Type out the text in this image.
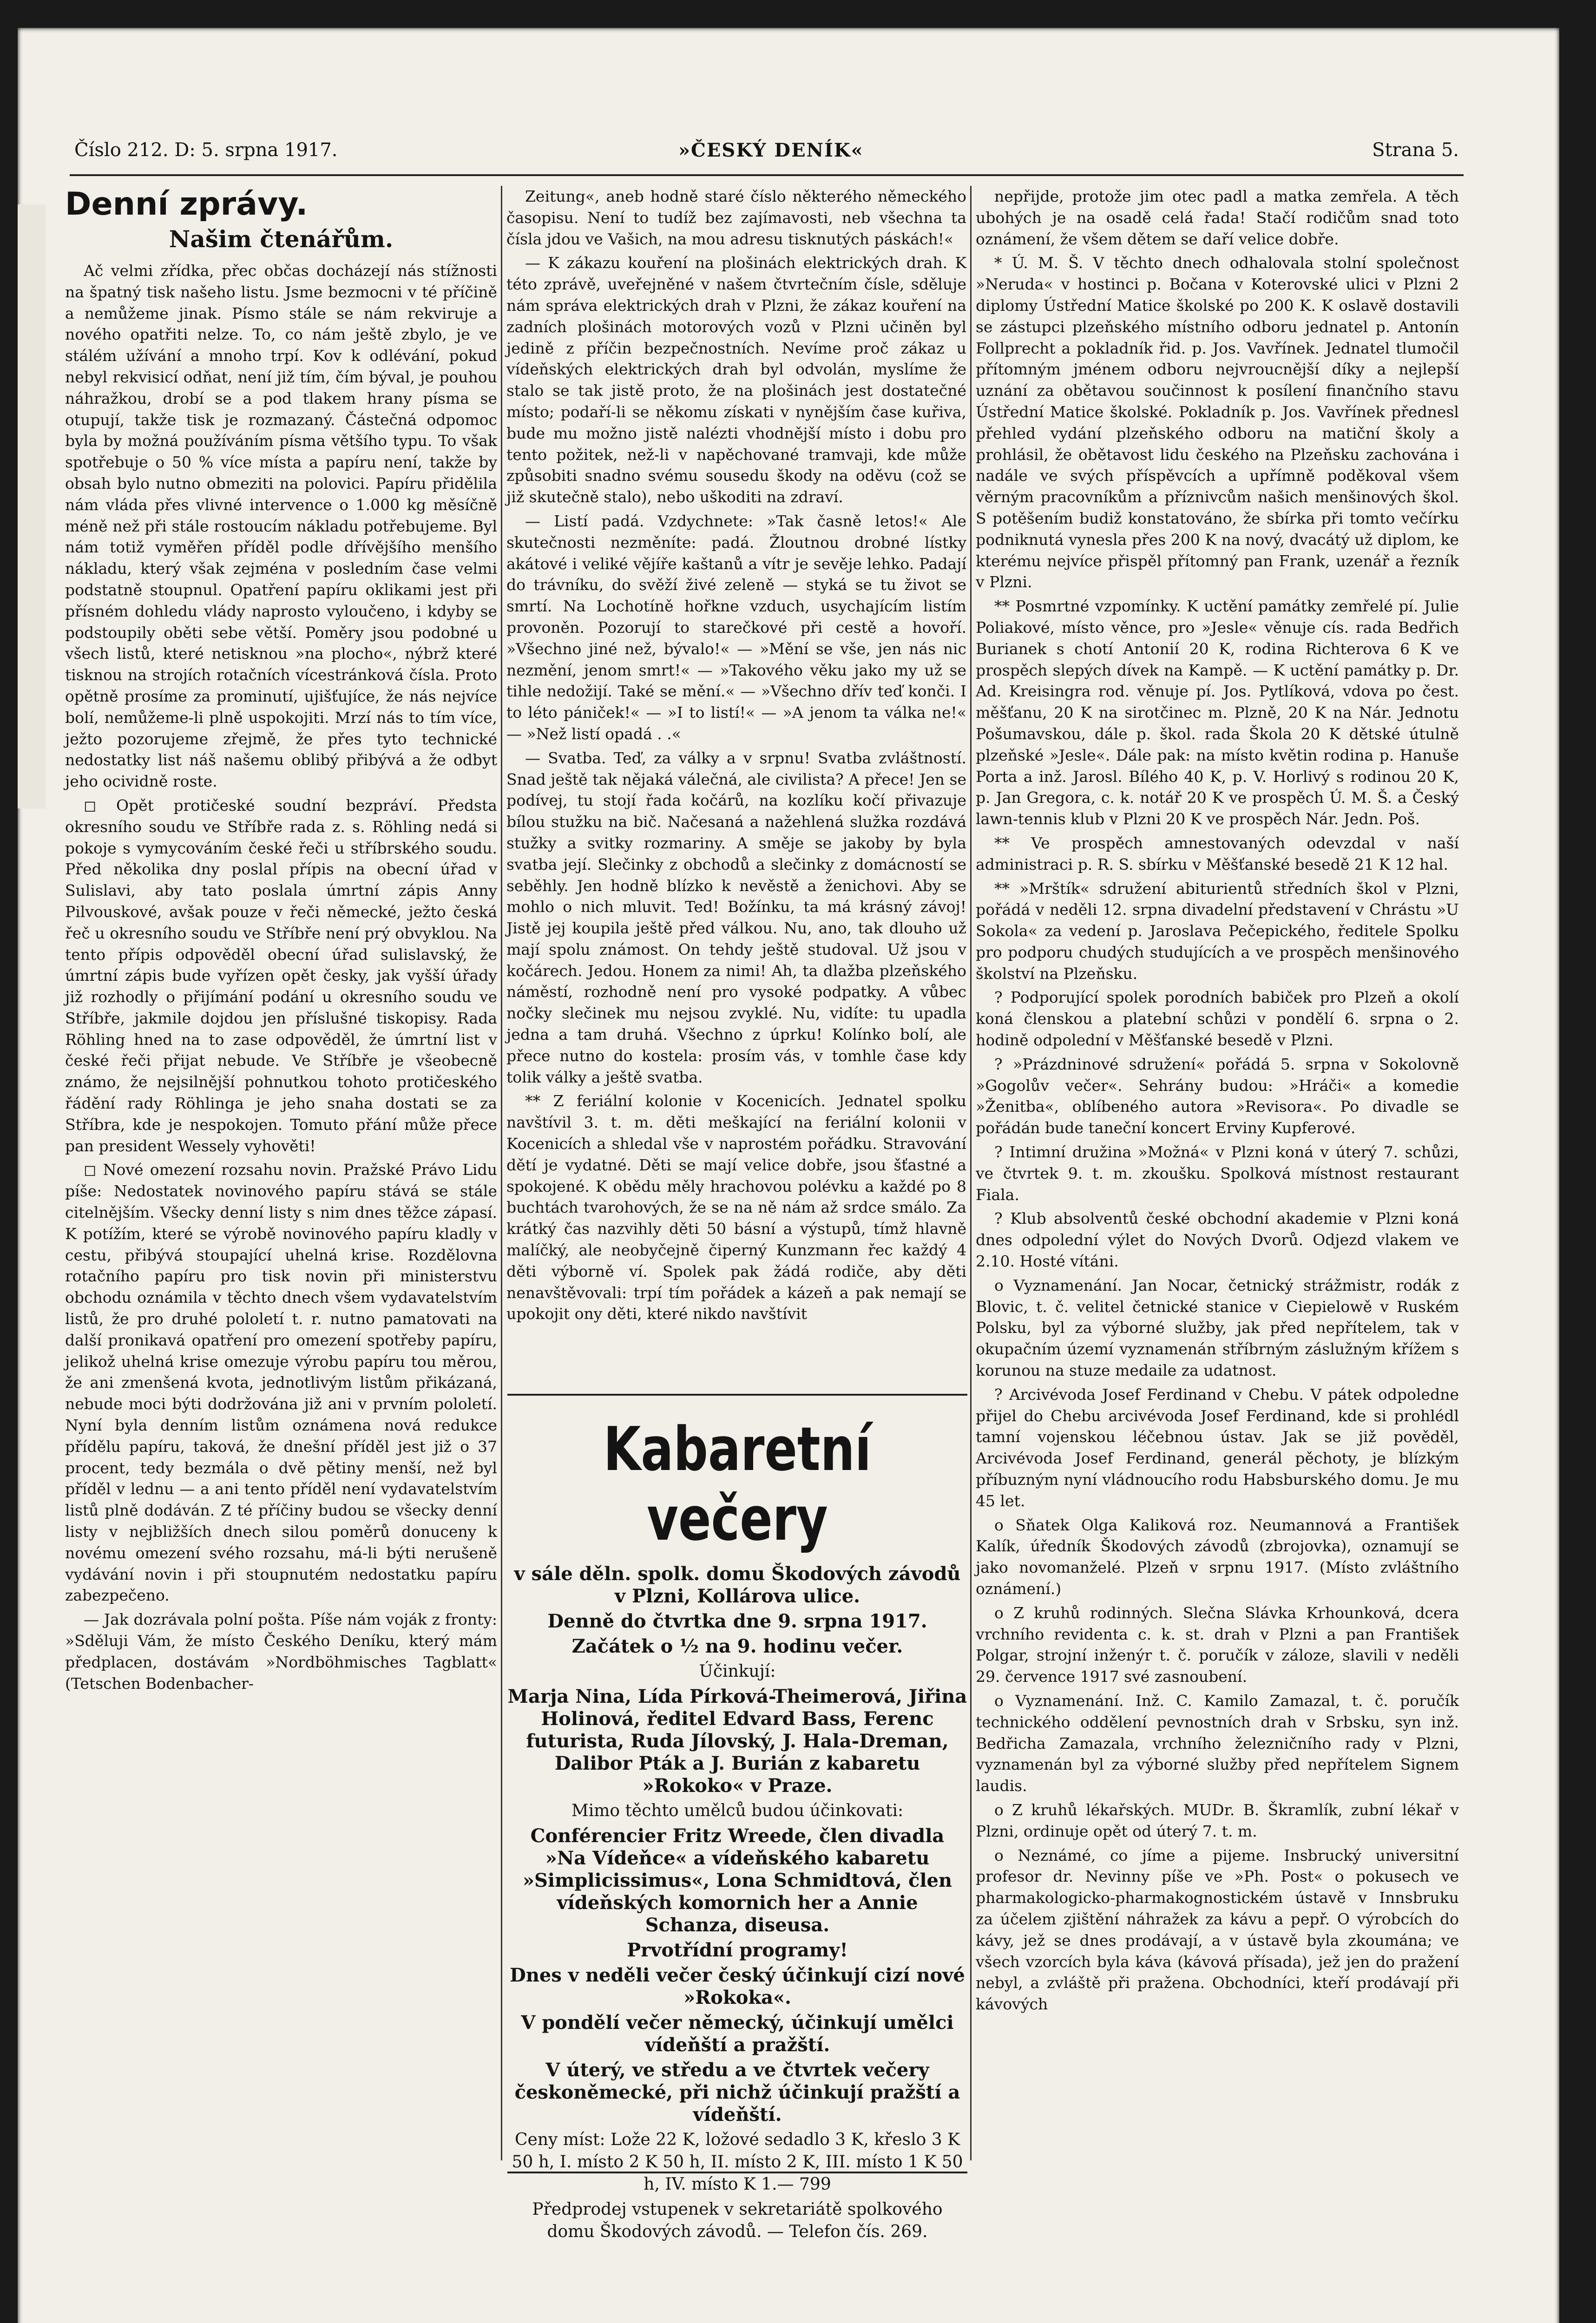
Číslo 212. D: 5. srpna 1917.	»ČESKÝ DENÍK«	Strana 5.
Denní zprávy.
Našim čtenářům.

Ač velmi zřídka, přec občas docházejí nás stížnosti na špatný tisk našeho listu. Jsme bezmocni v té příčině a nemůžeme jinak. Písmo stále se nám rekviruje a nového opatřiti nelze. To, co nám ještě zbylo, je ve stálém užívání a mnoho trpí. Kov k odlévání, pokud nebyl rekvisicí odňat, není již tím, čím býval, je pouhou náhražkou, drobí se a pod tlakem hrany písma se otupují, takže tisk je rozmazaný. Částečná odpomoc byla by možná používáním písma většího typu. To však spotřebuje o 50 % více místa a papíru není, takže by obsah bylo nutno obmeziti na polovici. Papíru přidělila nám vláda přes vlivné intervence o 1.000 kg měsíčně méně než při stále rostoucím nákladu potřebujeme. Byl nám totiž vyměřen příděl podle dřívějšího menšího nákladu, který však zejména v posledním čase velmi podstatně stoupnul. Opatření papíru oklikami jest při přísném dohledu vlády naprosto vyloučeno, i kdyby se podstoupily oběti sebe větší. Poměry jsou podobné u všech listů, které netisknou »na plocho«, nýbrž které tisknou na strojích rotačních vícestránková čísla. Proto opětně prosíme za prominutí, ujišťujíce, že nás nejvíce bolí, nemůžeme-li plně uspokojiti. Mrzí nás to tím více, ježto pozorujeme zřejmě, že přes tyto technické nedostatky list náš našemu oblibý přibývá a že odbyt jeho ocividně roste.

◻ Opět protičeské soudní bezpráví. Předsta okresního soudu ve Stříbře rada z. s. Röhling nedá si pokoje s vymycováním české řeči u stříbrského soudu. Před několika dny poslal přípis na obecní úřad v Sulislavi, aby tato poslala úmrtní zápis Anny Pilvouskové, avšak pouze v řeči německé, ježto česká řeč u okresního soudu ve Stříbře není prý obvyklou. Na tento přípis odpověděl obecní úřad sulislavský, že úmrtní zápis bude vyřízen opět česky, jak vyšší úřady již rozhodly o přijímání podání u okresního soudu ve Stříbře, jakmile dojdou jen příslušné tiskopisy. Rada Röhling hned na to zase odpověděl, že úmrtní list v české řeči přijat nebude. Ve Stříbře je všeobecně známo, že nejsilnější pohnutkou tohoto protičeského řádění rady Röhlinga je jeho snaha dostati se za Stříbra, kde je nespokojen. Tomuto přání může přece pan president Wessely vyhověti!

◻ Nové omezení rozsahu novin. Pražské Právo Lidu píše: Nedostatek novinového papíru stává se stále citelnějším. Všecky denní listy s nim dnes těžce zápasí. K potížím, které se výrobě novinového papíru kladly v cestu, přibývá stoupající uhelná krise. Rozdělovna rotačního papíru pro tisk novin při ministerstvu obchodu oznámila v těchto dnech všem vydavatelstvím listů, že pro druhé pololetí t. r. nutno pamatovati na další pronikavá opatření pro omezení spotřeby papíru, jelikož uhelná krise omezuje výrobu papíru tou měrou, že ani zmenšená kvota, jednotlivým listům přikázaná, nebude moci býti dodržována již ani v prvním pololetí. Nyní byla denním listům oznámena nová redukce přídělu papíru, taková, že dnešní příděl jest již o 37 procent, tedy bezmála o dvě pětiny menší, než byl příděl v lednu — a ani tento příděl není vydavatelstvím listů plně dodáván. Z té příčiny budou se všecky denní listy v nejbližších dnech silou poměrů donuceny k novému omezení svého rozsahu, má-li býti nerušeně vydávání novin i při stoupnutém nedostatku papíru zabezpečeno.

— Jak dozrávala polní pošta. Píše nám voják z fronty: »Sděluji Vám, že místo Českého Deníku, který mám předplacen, dostávám »Nordböhmisches Tagblatt« (Tetschen Bodenbacher-

Zeitung«, aneb hodně staré číslo některého německého časopisu. Není to tudíž bez zajímavosti, neb všechna ta čísla jdou ve Vašich, na mou adresu tisknutých páskách!«

— K zákazu kouření na plošinách elektrických drah. K této zprávě, uveřejněné v našem čtvrtečním čísle, sděluje nám správa elektrických drah v Plzni, že zákaz kouření na zadních plošinách motorových vozů v Plzni učiněn byl jedině z příčin bezpečnostních. Nevíme proč zákaz u vídeňských elektrických drah byl odvolán, myslíme že stalo se tak jistě proto, že na plošinách jest dostatečné místo; podaří-li se někomu získati v nynějším čase kuřiva, bude mu možno jistě nalézti vhodnější místo i dobu pro tento požitek, než-li v napěchované tramvaji, kde může způsobiti snadno svému sousedu škody na oděvu (což se již skutečně stalo), nebo uškoditi na zdraví.

— Listí padá. Vzdychnete: »Tak časně letos!« Ale skutečnosti nezměníte: padá. Žloutnou drobné lístky akátové i veliké vějíře kaštanů a vítr je sevěje lehko. Padají do trávníku, do svěží živé zeleně — styká se tu život se smrtí. Na Lochotíně hořkne vzduch, usychajícím listím provoněn. Pozorují to starečkové při cestě a hovoří. »Všechno jiné než, bývalo!« — »Mění se vše, jen nás nic nezmění, jenom smrt!« — »Takového věku jako my už se tihle nedožijí. Také se mění.« — »Všechno dřív teď konči. I to léto pániček!« — »I to listí!« — »A jenom ta válka ne!« — »Než listí opadá . .«

— Svatba. Teď, za války a v srpnu! Svatba zvláštností. Snad ještě tak nějaká válečná, ale civilista? A přece! Jen se podívej, tu stojí řada kočárů, na kozlíku kočí přivazuje bílou stužku na bič. Načesaná a nažehlená služka rozdává stužky a svitky rozmariny. A směje se jakoby by byla svatba její. Slečinky z obchodů a slečinky z domácností se seběhly. Jen hodně blízko k nevěstě a ženichovi. Aby se mohlo o nich mluvit. Ted! Božínku, ta má krásný závoj! Jistě jej koupila ještě před válkou. Nu, ano, tak dlouho už mají spolu známost. On tehdy ještě studoval. Už jsou v kočárech. Jedou. Honem za nimi! Ah, ta dlažba plzeňského náměstí, rozhodně není pro vysoké podpatky. A vůbec nočky slečinek mu nejsou zvyklé. Nu, vidíte: tu upadla jedna a tam druhá. Všechno z úprku! Kolínko bolí, ale přece nutno do kostela: prosím vás, v tomhle čase kdy tolik války a ještě svatba.

** Z feriální kolonie v Kocenicích. Jednatel spolku navštívil 3. t. m. děti meškající na feriální kolonii v Kocenicích a shledal vše v naprostém pořádku. Stravování dětí je vydatné. Děti se mají velice dobře, jsou šťastné a spokojené. K obědu měly hrachovou polévku a každé po 8 buchtách tvarohových, že se na ně nám až srdce smálo. Za krátký čas nazvihly děti 50 básní a výstupů, tímž hlavně malíčký, ale neobyčejně čiperný Kunzmann řec každý 4 děti výborně ví. Spolek pak žádá rodiče, aby děti nenavštěvovali: trpí tím pořádek a kázeň a pak nemají se upokojit ony děti, které nikdo navštívit

Kabaretní večery

v sále děln. spolk. domu Škodových závodů v Plzni, Kollárova ulice.

Denně do čtvrtka dne 9. srpna 1917.

Začátek o ½ na 9. hodinu večer.

Účinkují:

Marja Nina, Lída Pírková-Theimerová, Jiřina Holinová, ředitel Edvard Bass, Ferenc futurista, Ruda Jílovský, J. Hala-Dreman, Dalibor Pták a J. Burián z kabaretu »Rokoko« v Praze.

Mimo těchto umělců budou účinkovati:

Conférencier Fritz Wreede, člen divadla »Na Vídeňce« a vídeňského kabaretu »Simplicissimus«, Lona Schmidtová, člen vídeňských komornich her a Annie Schanza, diseusa.

Prvotřídní programy!

Dnes v neděli večer český účinkují cizí nové »Rokoka«.

V pondělí večer německý, účinkují umělci vídeňští a pražští.

V úterý, ve středu a ve čtvrtek večery českoněmecké, při nichž účinkují pražští a vídeňští.

Ceny míst: Lože 22 K, ložové sedadlo 3 K, křeslo 3 K 50 h, I. místo 2 K 50 h, II. místo 2 K, III. místo 1 K 50 h, IV. místo K 1.— 799

Předprodej vstupenek v sekretariátě spolkového domu Škodových závodů. — Telefon čís. 269.

nepřijde, protože jim otec padl a matka zemřela. A těch ubohých je na osadě celá řada! Stačí rodičům snad toto oznámení, že všem dětem se daří velice dobře.

* Ú. M. Š. V těchto dnech odhalovala stolní společnost »Neruda« v hostinci p. Bočana v Koterovské ulici v Plzni 2 diplomy Ústřední Matice školské po 200 K. K oslavě dostavili se zástupci plzeňského místního odboru jednatel p. Antonín Follprecht a pokladník řid. p. Jos. Vavřínek. Jednatel tlumočil přítomným jménem odboru nejvroucnější díky a nejlepší uznání za obětavou součinnost k posílení finančního stavu Ústřední Matice školské. Pokladník p. Jos. Vavřínek přednesl přehled vydání plzeňského odboru na matiční školy a prohlásil, že obětavost lidu českého na Plzeňsku zachována i nadále ve svých příspěvcích a upřímně poděkoval všem věrným pracovníkům a příznivcům našich menšinových škol. S potěšením budiž konstatováno, že sbírka při tomto večírku podniknutá vynesla přes 200 K na nový, dvacátý už diplom, ke kterému nejvíce přispěl přítomný pan Frank, uzenář a řezník v Plzni.

** Posmrtné vzpomínky. K uctění památky zemřelé pí. Julie Poliakové, místo věnce, pro »Jesle« věnuje cís. rada Bedřich Burianek s chotí Antonií 20 K, rodina Richterova 6 K ve prospěch slepých dívek na Kampě. — K uctění památky p. Dr. Ad. Kreisingra rod. věnuje pí. Jos. Pytlíková, vdova po čest. měšťanu, 20 K na sirotčinec m. Plzně, 20 K na Nár. Jednotu Pošumavskou, dále p. škol. rada Škola 20 K dětské útulně plzeňské »Jesle«. Dále pak: na místo květin rodina p. Hanuše Porta a inž. Jarosl. Bílého 40 K, p. V. Horlivý s rodinou 20 K, p. Jan Gregora, c. k. notář 20 K ve prospěch Ú. M. Š. a Český lawn-tennis klub v Plzni 20 K ve prospěch Nár. Jedn. Poš.

** Ve prospěch amnestovaných odevzdal v naší administraci p. R. S. sbírku v Měšťanské besedě 21 K 12 hal.

** »Mrštík« sdružení abiturientů středních škol v Plzni, pořádá v neděli 12. srpna divadelní představení v Chrástu »U Sokola« za vedení p. Jaroslava Pečepického, ředitele Spolku pro podporu chudých studujících a ve prospěch menšinového školství na Plzeňsku.

? Podporující spolek porodních babiček pro Plzeň a okolí koná členskou a platební schůzi v pondělí 6. srpna o 2. hodině odpolední v Měšťanské besedě v Plzni.

? »Prázdninové sdružení« pořádá 5. srpna v Sokolovně »Gogolův večer«. Sehrány budou: »Hráči« a komedie »Ženitba«, oblíbeného autora »Revisora«. Po divadle se pořádán bude taneční koncert Erviny Kupferové.

? Intimní družina »Možná« v Plzni koná v úterý 7. schůzi, ve čtvrtek 9. t. m. zkoušku. Spolková místnost restaurant Fiala.

? Klub absolventů české obchodní akademie v Plzni koná dnes odpolední výlet do Nových Dvorů. Odjezd vlakem ve 2.10. Hosté vítáni.

o Vyznamenání. Jan Nocar, četnický strážmistr, rodák z Blovic, t. č. velitel četnické stanice v Ciepielowě v Ruském Polsku, byl za výborné služby, jak před nepřítelem, tak v okupačním území vyznamenán stříbrným záslužným křížem s korunou na stuze medaile za udatnost.

? Arcivévoda Josef Ferdinand v Chebu. V pátek odpoledne přijel do Chebu arcivévoda Josef Ferdinand, kde si prohlédl tamní vojenskou léčebnou ústav. Jak se již pověděl, Arcivévoda Josef Ferdinand, generál pěchoty, je blízkým příbuzným nyní vládnoucího rodu Habsburského domu. Je mu 45 let.

o Sňatek Olga Kaliková roz. Neumannová a František Kalík, úředník Škodových závodů (zbrojovka), oznamují se jako novomanželé. Plzeň v srpnu 1917. (Místo zvláštního oznámení.)

o Z kruhů rodinných. Slečna Slávka Krhounková, dcera vrchního revidenta c. k. st. drah v Plzni a pan František Polgar, strojní inženýr t. č. poručík v záloze, slavili v neděli 29. července 1917 své zasnoubení.

o Vyznamenání. Inž. C. Kamilo Zamazal, t. č. poručík technického oddělení pevnostních drah v Srbsku, syn inž. Bedřicha Zamazala, vrchního železničního rady v Plzni, vyznamenán byl za výborné služby před nepřítelem Signem laudis.

o Z kruhů lékařských. MUDr. B. Škramlík, zubní lékař v Plzni, ordinuje opět od úterý 7. t. m.

o Neznámé, co jíme a pijeme. Insbrucký universitní profesor dr. Nevinny píše ve »Ph. Post« o pokusech ve pharmakologicko-pharmakognostickém ústavě v Innsbruku za účelem zjištění náhražek za kávu a pepř. O výrobcích do kávy, jež se dnes prodávají, a v ústavě byla zkoumána; ve všech vzorcích byla káva (kávová přísada), jež jen do pražení nebyl, a zvláště při pražena. Obchodníci, kteří prodávají při kávových
